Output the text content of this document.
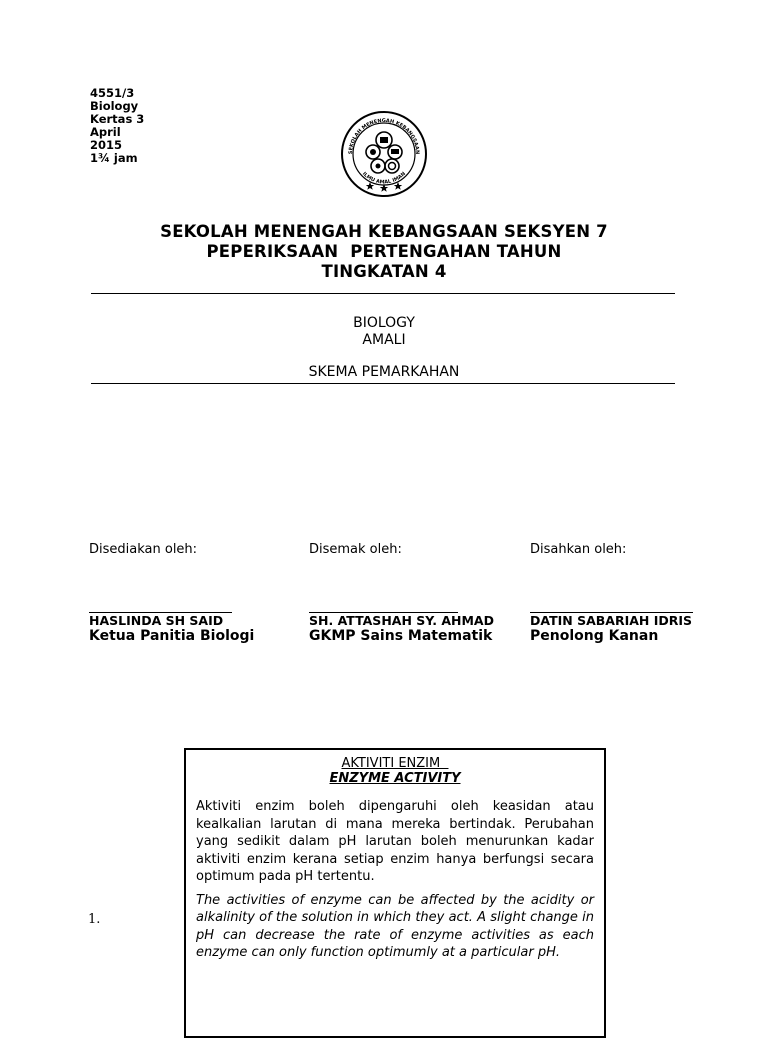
4551/3
Biology
Kertas 3
April
2015
1¾ jam	SEKOLAH MENENGAH KEBANGSAAN
ILMU AMAL IMAN
SEKOLAH MENENGAH KEBANGSAAN SEKSYEN 7
PEPERIKSAAN  PERTENGAHAN TAHUN
TINGKATAN 4
BIOLOGY
AMALI
SKEMA PEMARKAHAN
Disediakan oleh:	Disemak oleh:	Disahkan oleh:
HASLINDA SH SAID	SH. ATTASHAH SY. AHMAD	DATIN SABARIAH IDRIS
Ketua Panitia Biologi	GKMP Sains Matematik	Penolong Kanan
1.
AKTIVITI ENZIM
ENZYME ACTIVITY
Aktiviti enzim boleh dipengaruhi oleh keasidan atau kealkalian larutan di mana mereka bertindak. Perubahan yang sedikit dalam pH larutan boleh menurunkan kadar aktiviti enzim kerana setiap enzim hanya berfungsi secara optimum pada pH tertentu.
The activities of enzyme can be affected by the acidity or alkalinity of the solution in which they act. A slight change in pH can decrease the rate of enzyme activities as each enzyme can only function optimumly at a particular pH.
